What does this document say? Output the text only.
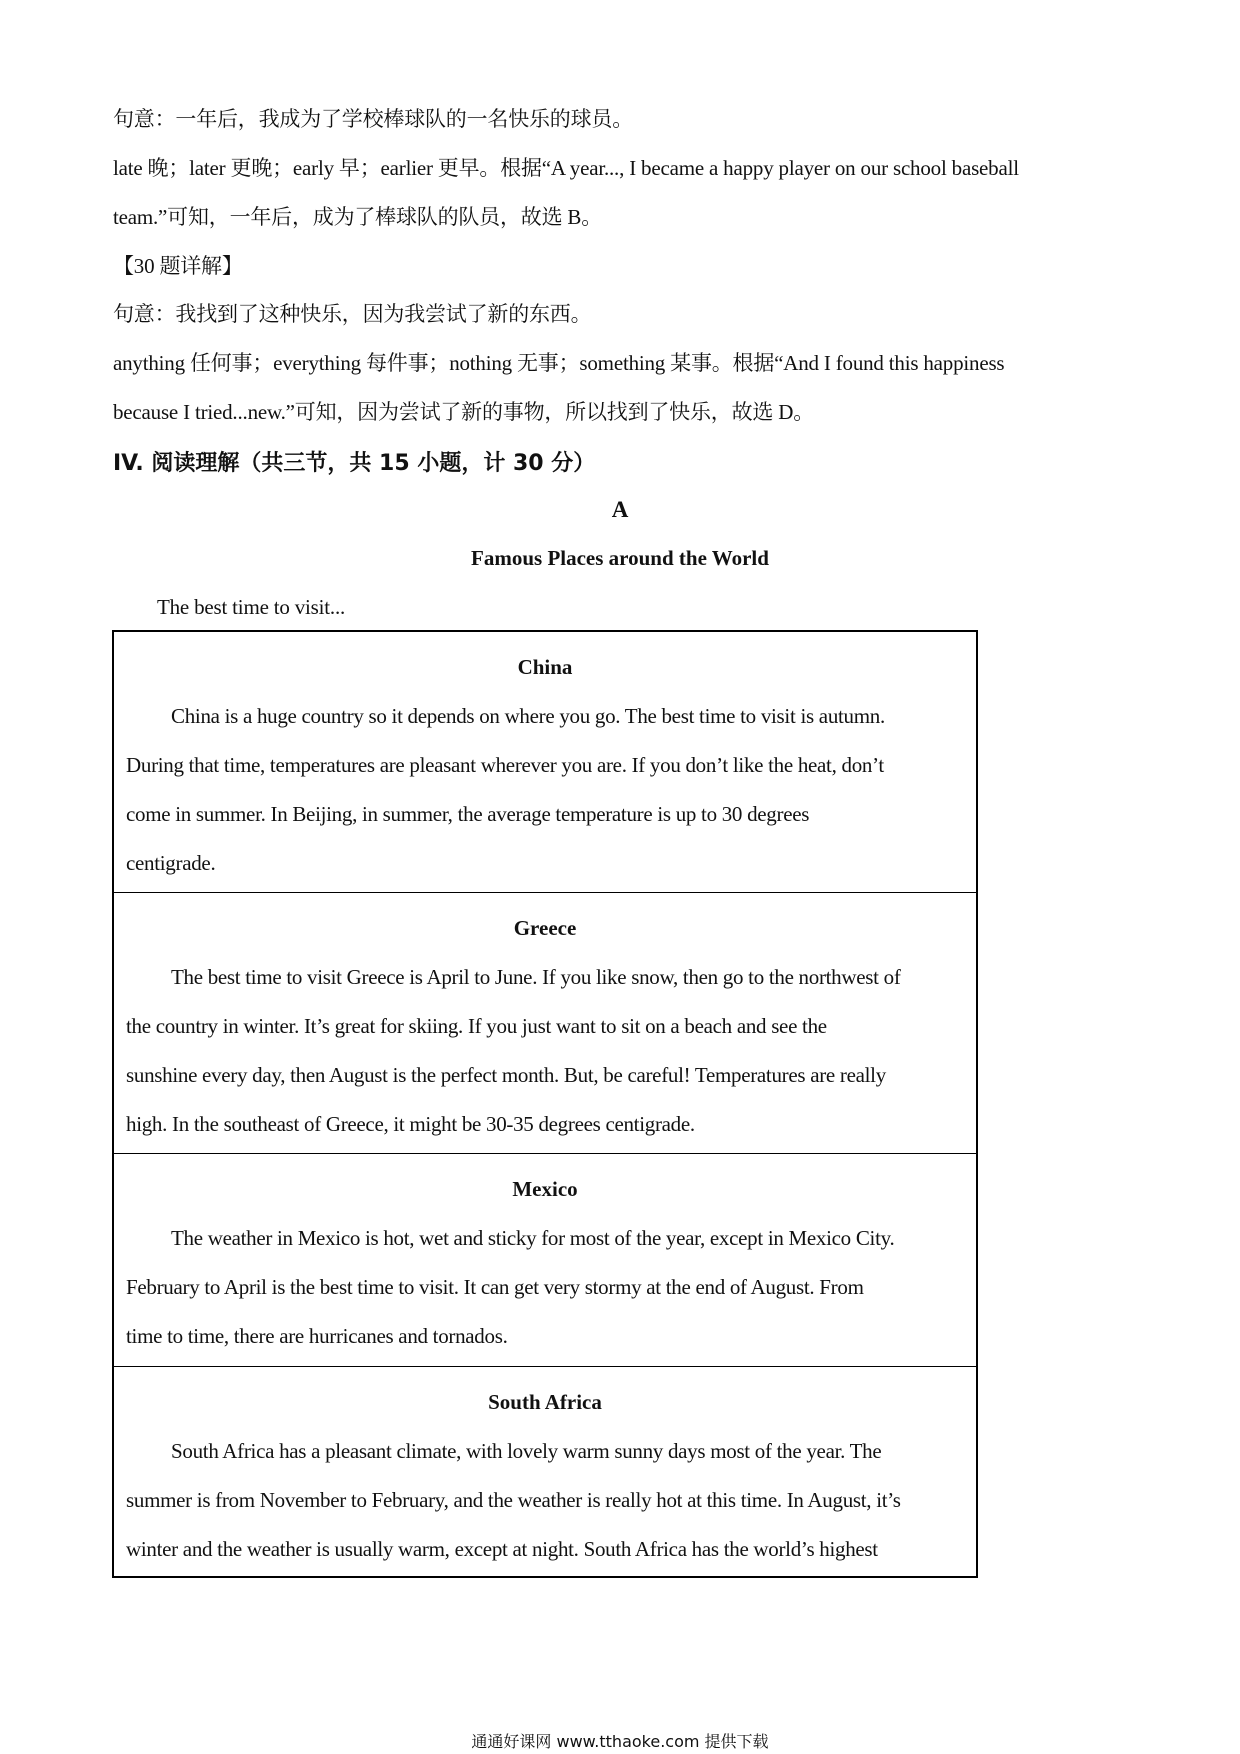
句意：一年后，我成为了学校棒球队的一名快乐的球员。
late 晚；later 更晚；early 早；earlier 更早。根据“A year..., I became a happy player on our school baseball
team.”可知，一年后，成为了棒球队的队员，故选 B。
【30 题详解】
句意：我找到了这种快乐，因为我尝试了新的东西。
anything 任何事；everything 每件事；nothing 无事；something 某事。根据“And I found this happiness
because I tried...new.”可知，因为尝试了新的事物，所以找到了快乐，故选 D。
IV. 阅读理解（共三节，共 15 小题，计 30 分）
A
Famous Places around the World
The best time to visit...
China
China is a huge country so it depends on where you go. The best time to visit is autumn.
During that time, temperatures are pleasant wherever you are. If you don’t like the heat, don’t
come in summer. In Beijing, in summer, the average temperature is up to 30 degrees
centigrade.
Greece
The best time to visit Greece is April to June. If you like snow, then go to the northwest of
the country in winter. It’s great for skiing. If you just want to sit on a beach and see the
sunshine every day, then August is the perfect month. But, be careful! Temperatures are really
high. In the southeast of Greece, it might be 30-35 degrees centigrade.
Mexico
The weather in Mexico is hot, wet and sticky for most of the year, except in Mexico City.
February to April is the best time to visit. It can get very stormy at the end of August. From
time to time, there are hurricanes and tornados.
South Africa
South Africa has a pleasant climate, with lovely warm sunny days most of the year. The
summer is from November to February, and the weather is really hot at this time. In August, it’s
winter and the weather is usually warm, except at night. South Africa has the world’s highest
通通好课网 www.tthaoke.com 提供下载
